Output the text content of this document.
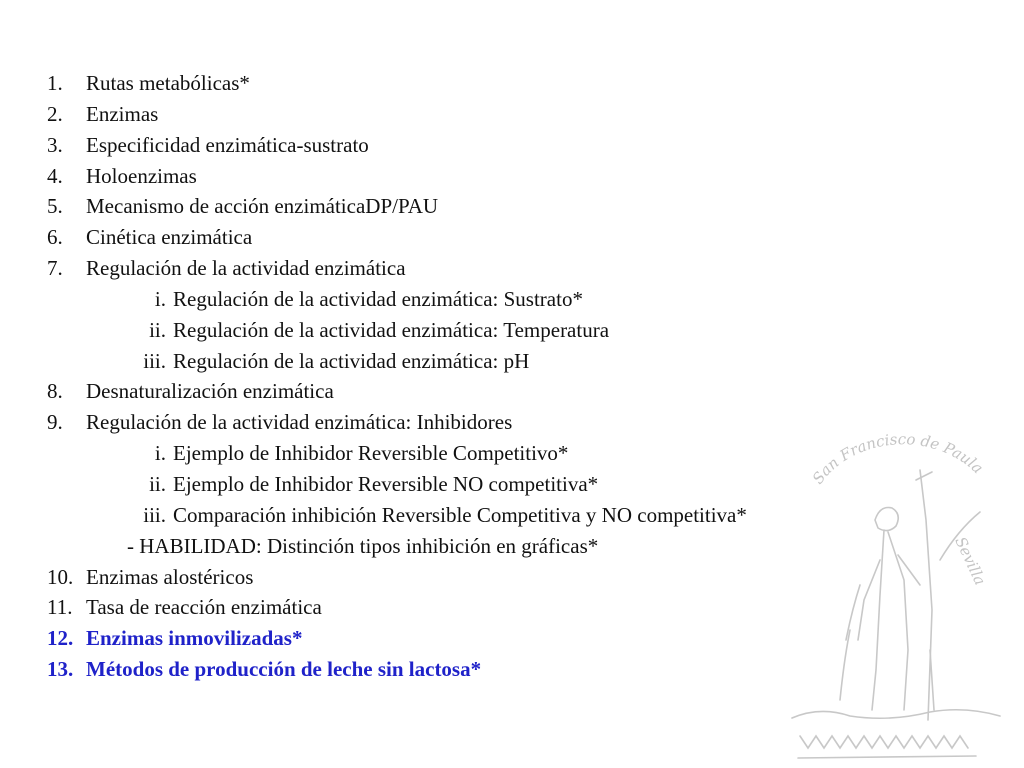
San Francisco de Paula
Sevilla
1. Rutas metabólicas*
2. Enzimas
3. Especificidad enzimática-sustrato
4. Holoenzimas
5. Mecanismo de acción enzimáticaDP/PAU
6. Cinética enzimática
7. Regulación de la actividad enzimática
i. Regulación de la actividad enzimática: Sustrato*
ii. Regulación de la actividad enzimática: Temperatura
iii. Regulación de la actividad enzimática: pH
8. Desnaturalización enzimática
9. Regulación de la actividad enzimática: Inhibidores
i. Ejemplo de Inhibidor Reversible Competitivo*
ii. Ejemplo de Inhibidor Reversible NO competitiva*
iii. Comparación inhibición Reversible Competitiva y NO competitiva*
- HABILIDAD: Distinción tipos inhibición en gráficas*
10. Enzimas alostéricos
11. Tasa de reacción enzimática
12. Enzimas inmovilizadas*
13. Métodos de producción de leche sin lactosa*
